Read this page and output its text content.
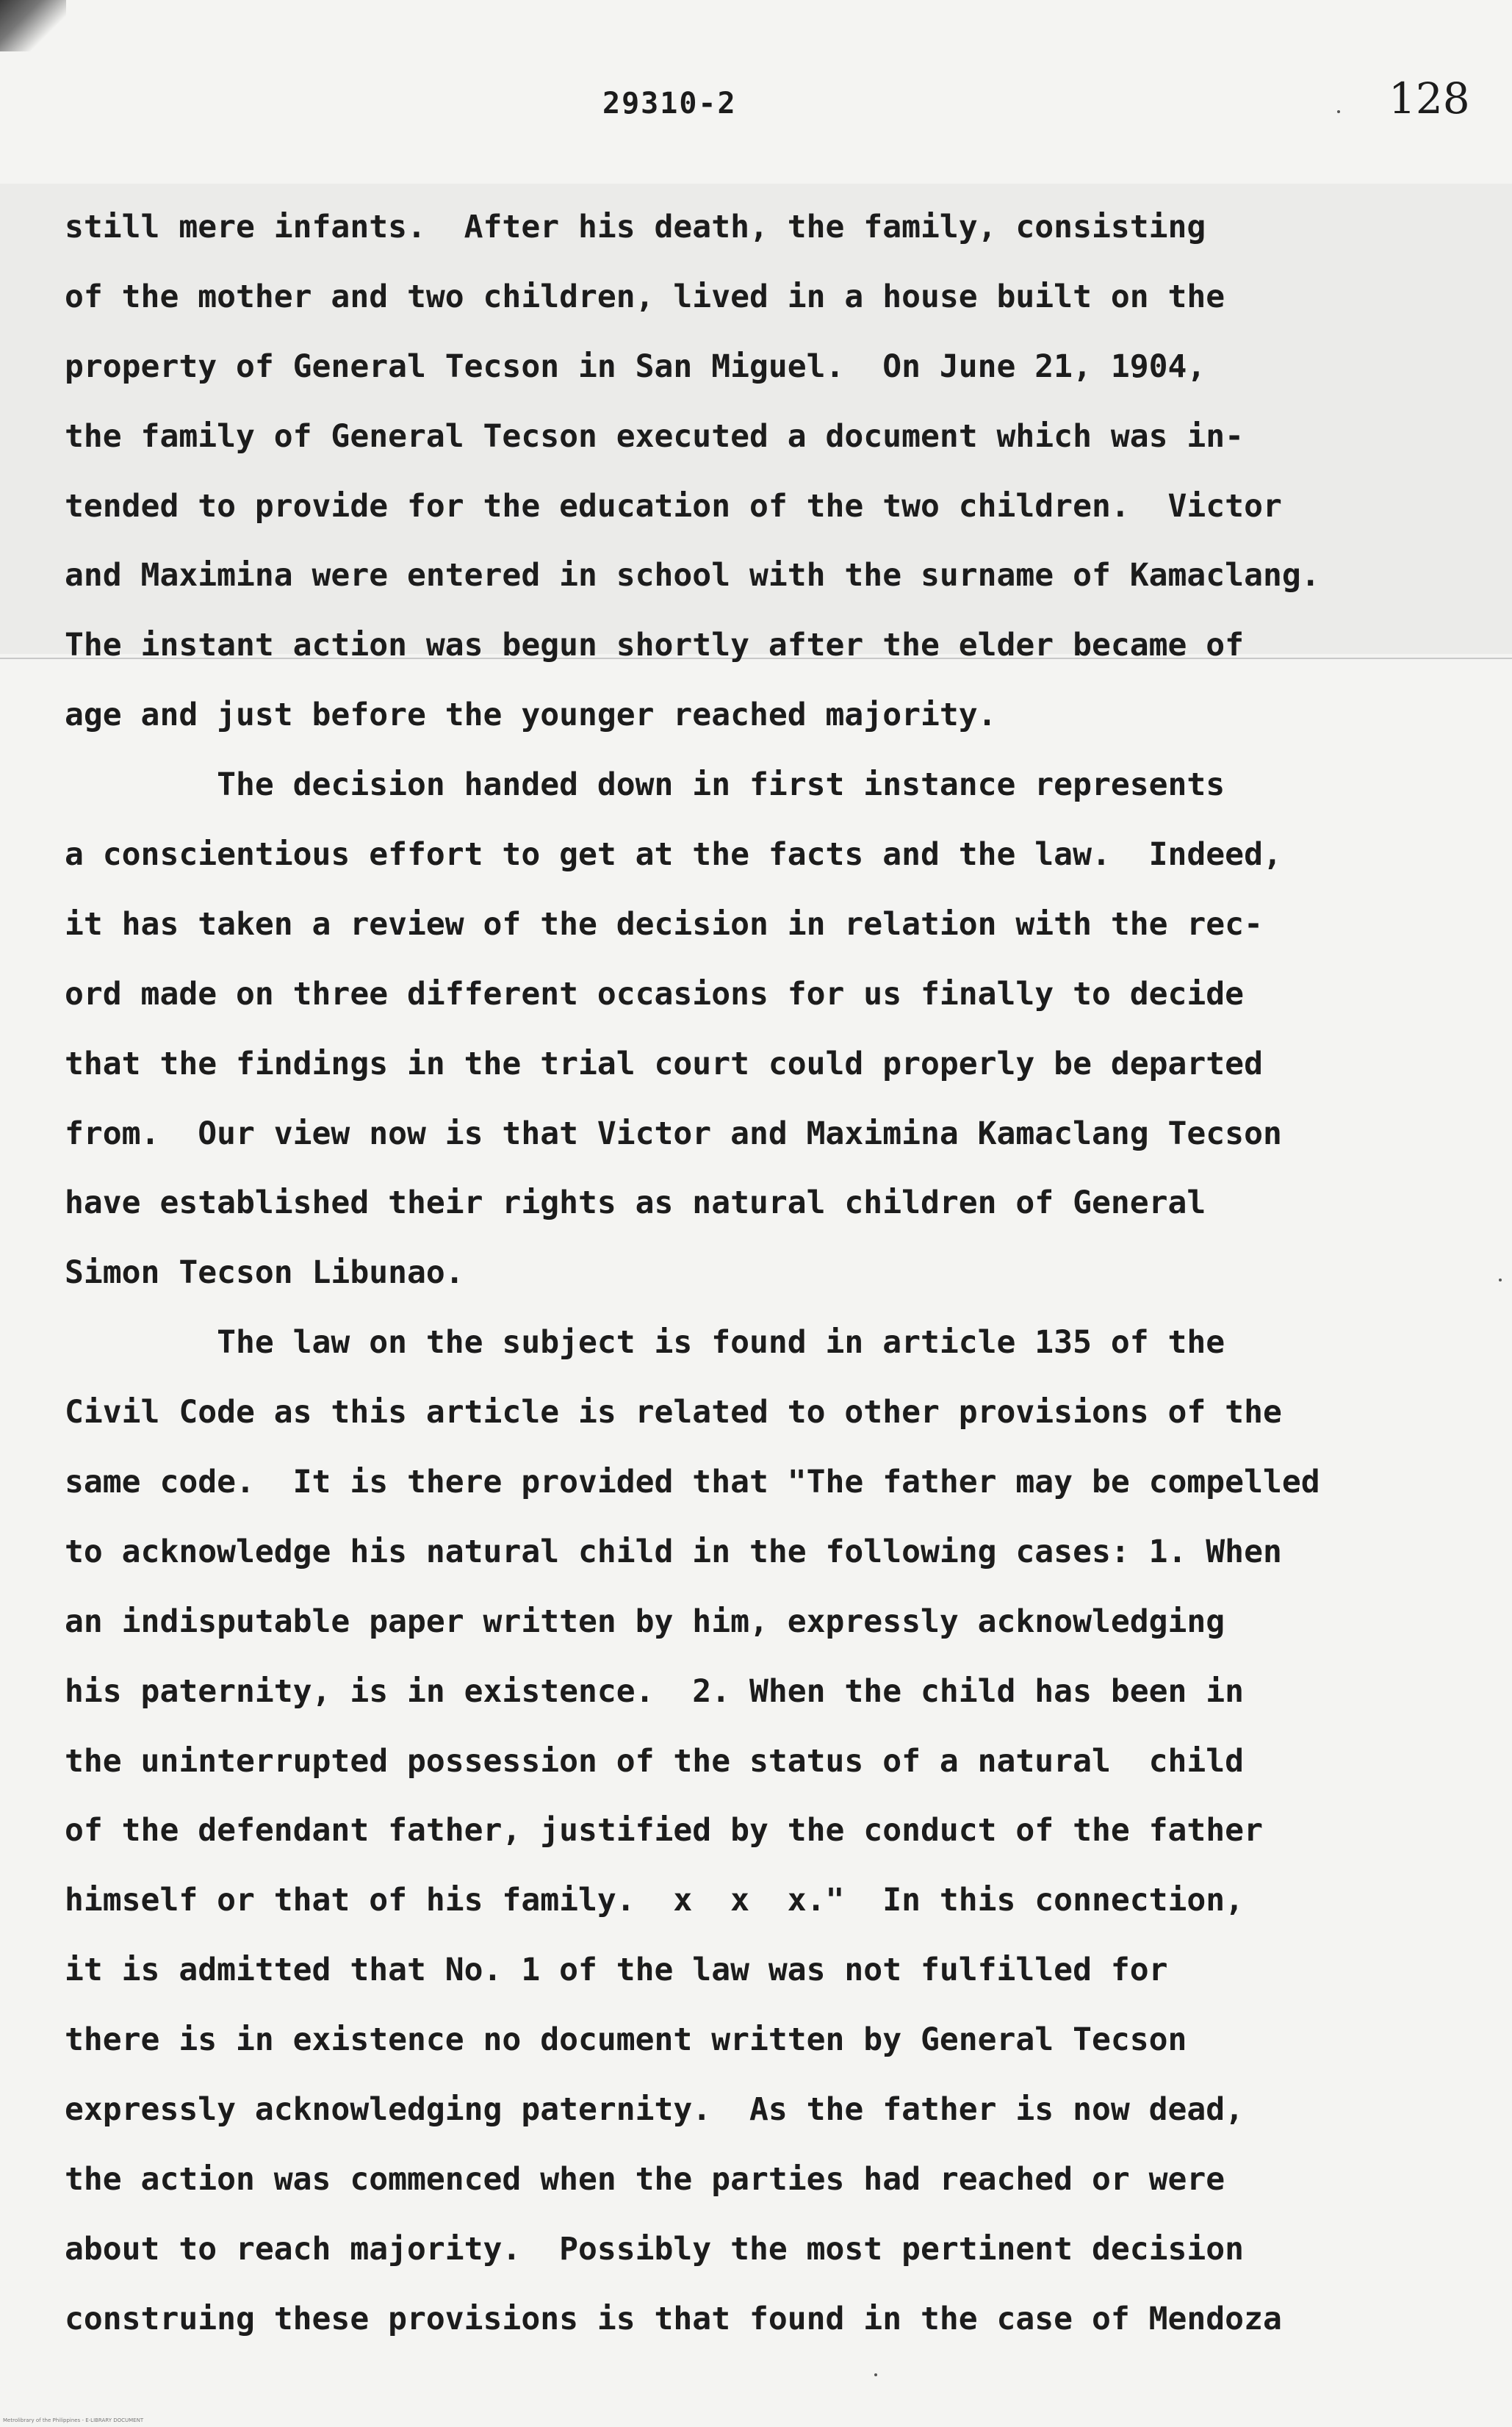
29310-2	128
still mere infants.  After his death, the family, consisting
of the mother and two children, lived in a house built on the
property of General Tecson in San Miguel.  On June 21, 1904,
the family of General Tecson executed a document which was in-
tended to provide for the education of the two children.  Victor
and Maximina were entered in school with the surname of Kamaclang.
The instant action was begun shortly after the elder became of
age and just before the younger reached majority.
The decision handed down in first instance represents
a conscientious effort to get at the facts and the law.  Indeed,
it has taken a review of the decision in relation with the rec-
ord made on three different occasions for us finally to decide
that the findings in the trial court could properly be departed
from.  Our view now is that Victor and Maximina Kamaclang Tecson
have established their rights as natural children of General
Simon Tecson Libunao.
The law on the subject is found in article 135 of the
Civil Code as this article is related to other provisions of the
same code.  It is there provided that "The father may be compelled
to acknowledge his natural child in the following cases: 1. When
an indisputable paper written by him, expressly acknowledging
his paternity, is in existence.  2. When the child has been in
the uninterrupted possession of the status of a natural  child
of the defendant father, justified by the conduct of the father
himself or that of his family.  x  x  x."  In this connection,
it is admitted that No. 1 of the law was not fulfilled for
there is in existence no document written by General Tecson
expressly acknowledging paternity.  As the father is now dead,
the action was commenced when the parties had reached or were
about to reach majority.  Possibly the most pertinent decision
construing these provisions is that found in the case of Mendoza
Metrolibrary of the Philippines - E-LIBRARY DOCUMENT
